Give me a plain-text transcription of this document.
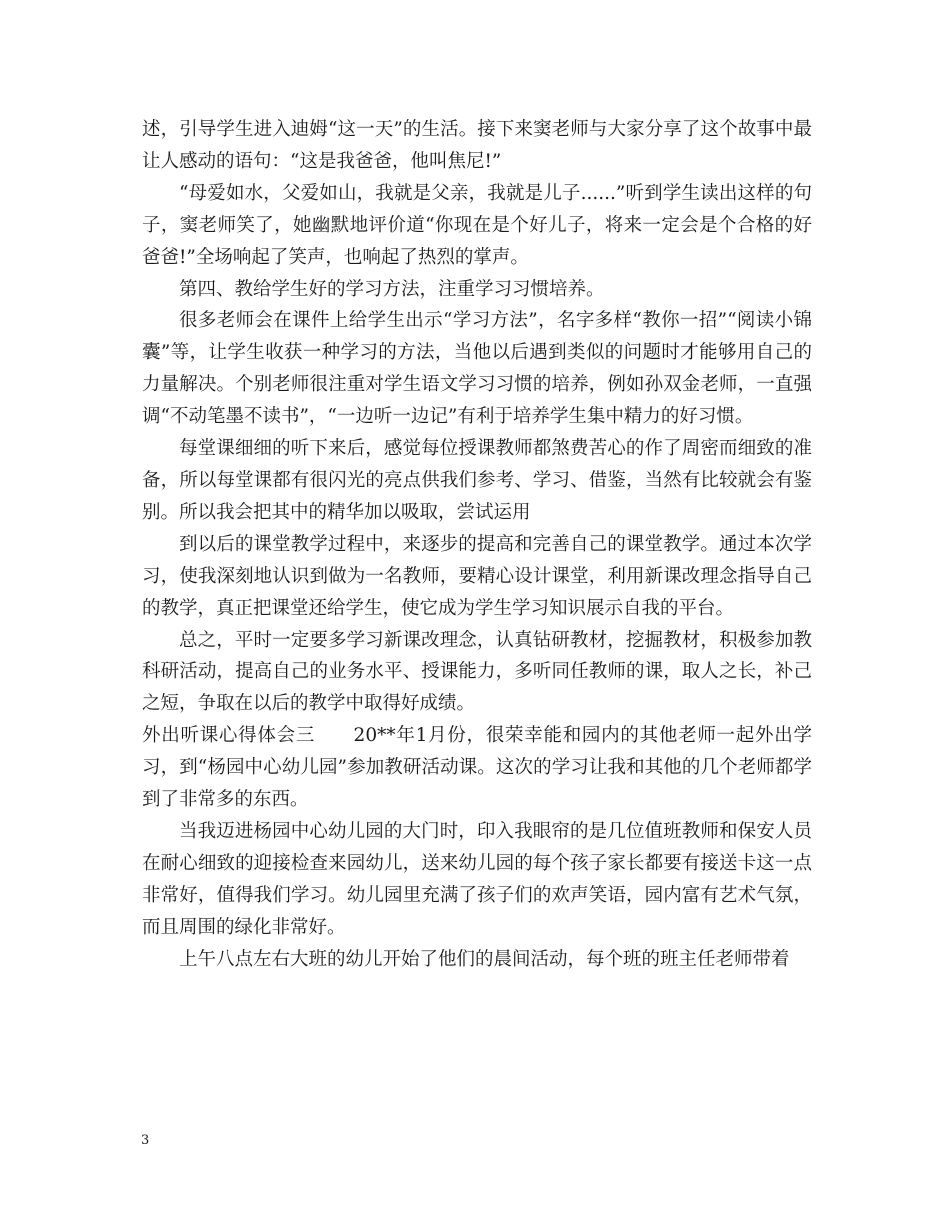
述，引导学生进入迪姆“这一天”的生活。接下来窦老师与大家分享了这个故事中最让人感动的语句：“这是我爸爸，他叫焦尼!”

“母爱如水，父爱如山，我就是父亲，我就是儿子......”听到学生读出这样的句子，窦老师笑了，她幽默地评价道“你现在是个好儿子，将来一定会是个合格的好爸爸!”全场响起了笑声，也响起了热烈的掌声。

第四、教给学生好的学习方法，注重学习习惯培养。

很多老师会在课件上给学生出示“学习方法”，名字多样“教你一招”“阅读小锦囊”等，让学生收获一种学习的方法，当他以后遇到类似的问题时才能够用自己的力量解决。个别老师很注重对学生语文学习习惯的培养，例如孙双金老师，一直强调“不动笔墨不读书”，“一边听一边记”有利于培养学生集中精力的好习惯。

每堂课细细的听下来后，感觉每位授课教师都煞费苦心的作了周密而细致的准备，所以每堂课都有很闪光的亮点供我们参考、学习、借鉴，当然有比较就会有鉴别。所以我会把其中的精华加以吸取，尝试运用

到以后的课堂教学过程中，来逐步的提高和完善自己的课堂教学。通过本次学习，使我深刻地认识到做为一名教师，要精心设计课堂，利用新课改理念指导自己的教学，真正把课堂还给学生，使它成为学生学习知识展示自我的平台。

总之，平时一定要多学习新课改理念，认真钻研教材，挖掘教材，积极参加教科研活动，提高自己的业务水平、授课能力，多听同任教师的课，取人之长，补己之短，争取在以后的教学中取得好成绩。

外出听课心得体会三　　20**年1月份，很荣幸能和园内的其他老师一起外出学习，到“杨园中心幼儿园”参加教研活动课。这次的学习让我和其他的几个老师都学到了非常多的东西。

当我迈进杨园中心幼儿园的大门时，印入我眼帘的是几位值班教师和保安人员在耐心细致的迎接检查来园幼儿，送来幼儿园的每个孩子家长都要有接送卡这一点非常好，值得我们学习。幼儿园里充满了孩子们的欢声笑语，园内富有艺术气氛，而且周围的绿化非常好。

上午八点左右大班的幼儿开始了他们的晨间活动，每个班的班主任老师带着

3
